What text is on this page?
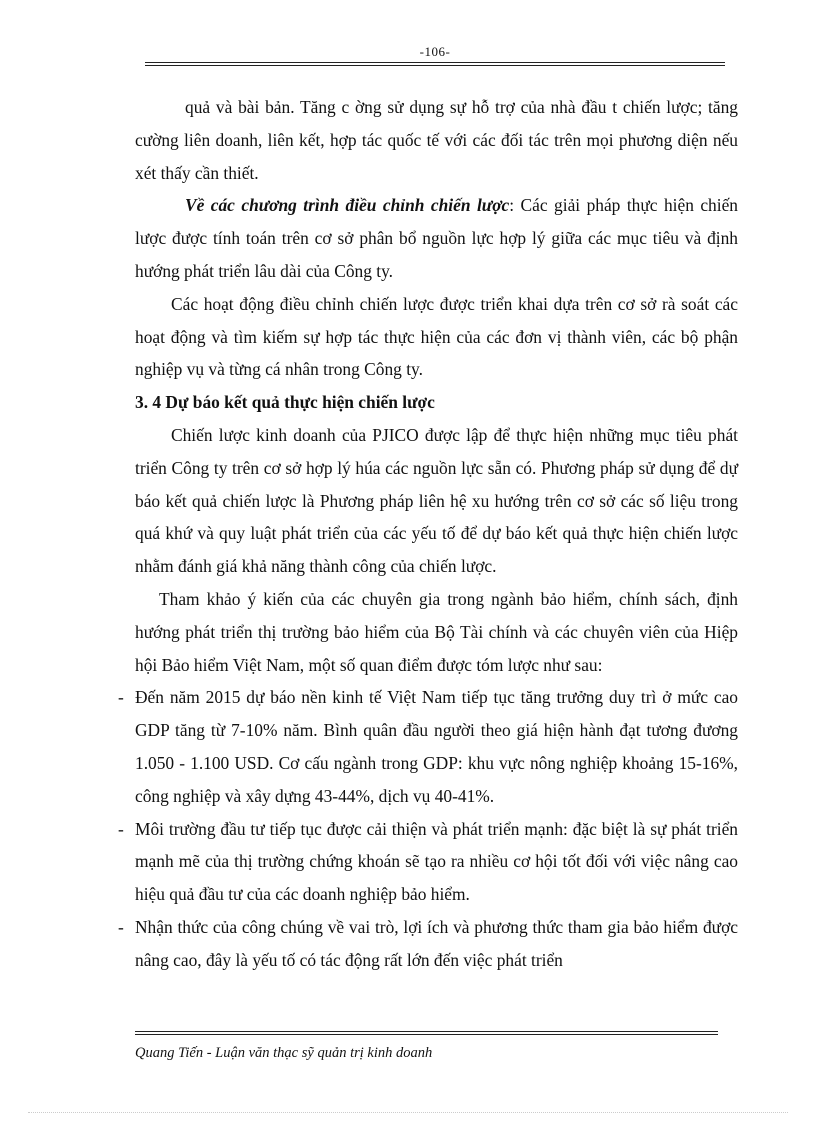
-106-

quả và bài bản. Tăng c ờng sử dụng sự hỗ trợ của nhà đầu t chiến lược; tăng cường liên doanh, liên kết, hợp tác quốc tế với các đối tác trên mọi phương diện nếu xét thấy cần thiết.

Về các chương trình điều chỉnh chiến lược: Các giải pháp thực hiện chiến lược được tính toán trên cơ sở phân bổ nguồn lực hợp lý giữa các mục tiêu và định hướng phát triển lâu dài của Công ty.

Các hoạt động điều chỉnh chiến lược được triển khai dựa trên cơ sở rà soát các hoạt động và tìm kiếm sự hợp tác thực hiện của các đơn vị thành viên, các bộ phận nghiệp vụ và từng cá nhân trong Công ty.

3. 4 Dự báo kết quả thực hiện chiến lược

Chiến lược kinh doanh của PJICO được lập để thực hiện những mục tiêu phát triển Công ty trên cơ sở hợp lý húa các nguồn lực sẵn có. Phương pháp sử dụng để dự báo kết quả chiến lược là Phương pháp liên hệ xu hướng trên cơ sở các số liệu trong quá khứ và quy luật phát triển của các yếu tố để dự báo kết quả thực hiện chiến lược nhằm đánh giá khả năng thành công của chiến lược.

Tham khảo ý kiến của các chuyên gia trong ngành bảo hiểm, chính sách, định hướng phát triển thị trường bảo hiểm của Bộ Tài chính và các chuyên viên của Hiệp hội Bảo hiểm Việt Nam, một số quan điểm được tóm lược như sau:

- Đến năm 2015 dự báo nền kinh tế Việt Nam tiếp tục tăng trưởng duy trì ở mức cao GDP tăng từ 7-10% năm. Bình quân đầu người theo giá hiện hành đạt tương đương 1.050 - 1.100 USD. Cơ cấu ngành trong GDP: khu vực nông nghiệp khoảng 15-16%, công nghiệp và xây dựng 43-44%, dịch vụ 40-41%.
- Môi trường đầu tư tiếp tục được cải thiện và phát triển mạnh: đặc biệt là sự phát triển mạnh mẽ của thị trường chứng khoán sẽ tạo ra nhiều cơ hội tốt đối với việc nâng cao hiệu quả đầu tư của các doanh nghiệp bảo hiểm.
- Nhận thức của công chúng về vai trò, lợi ích và phương thức tham gia bảo hiểm được nâng cao, đây là yếu tố có tác động rất lớn đến việc phát triển
Quang Tiến - Luận văn thạc sỹ quản trị kinh doanh
